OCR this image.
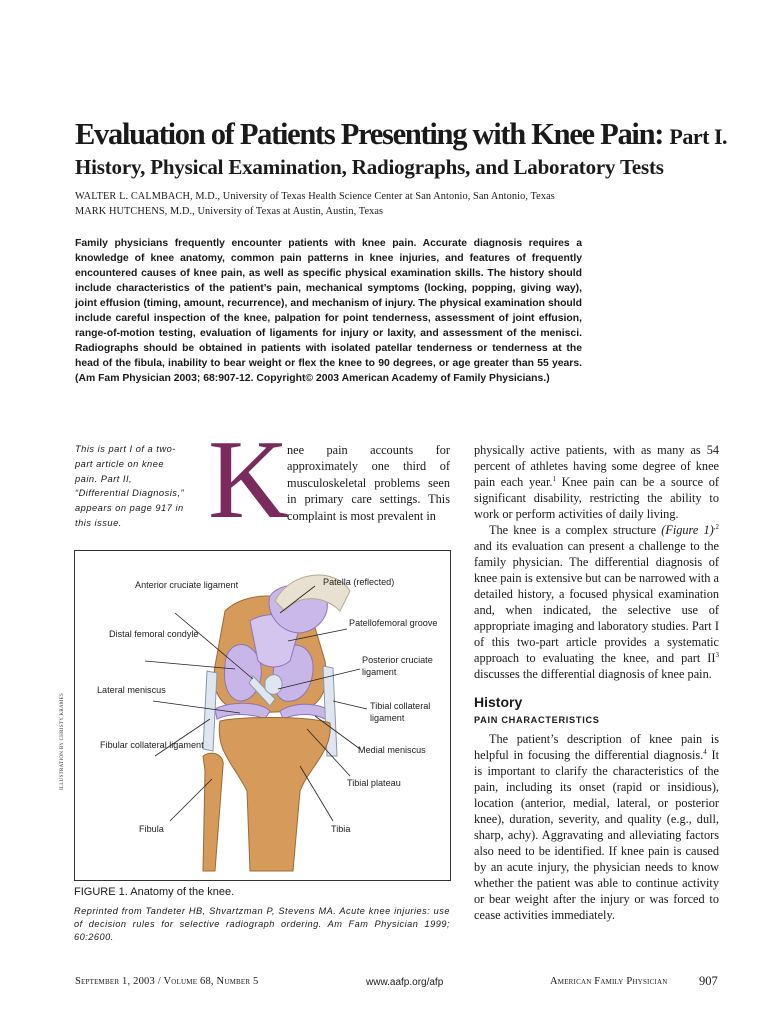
Evaluation of Patients Presenting with Knee Pain: Part I.
History, Physical Examination, Radiographs, and Laboratory Tests
WALTER L. CALMBACH, M.D., University of Texas Health Science Center at San Antonio, San Antonio, Texas
MARK HUTCHENS, M.D., University of Texas at Austin, Austin, Texas

Family physicians frequently encounter patients with knee pain. Accurate diagnosis requires a knowledge of knee anatomy, common pain patterns in knee injuries, and features of frequently encountered causes of knee pain, as well as specific physical examination skills. The history should include characteristics of the patient’s pain, mechanical symptoms (locking, popping, giving way), joint effusion (timing, amount, recurrence), and mechanism of injury. The physical examination should include careful inspection of the knee, palpation for point tenderness, assessment of joint effusion, range-of-motion testing, evaluation of ligaments for injury or laxity, and assessment of the menisci. Radiographs should be obtained in patients with isolated patellar tenderness or tenderness at the head of the fibula, inability to bear weight or flex the knee to 90 degrees, or age greater than 55 years. (Am Fam Physician 2003; 68:907-12. Copyright© 2003 American Academy of Family Physicians.)

This is part I of a two-part article on knee pain. Part II, “Differential Diagnosis,” appears on page 917 in this issue. K

nee pain accounts for approximately one third of musculoskeletal problems seen in primary care settings. This complaint is most prevalent in

Anterior cruciate ligament	Patella (reflected)
Distal femoral condyle
Patellofemoral groove
Posterior cruciate ligament
Lateral meniscus
Tibial collateral ligament
Fibular collateral ligament	Medial meniscus
Tibial plateau
Fibula	Tibia
ILLUSTRATION BY CHRISTY KRAMES

FIGURE 1. Anatomy of the knee.

Reprinted from Tandeter HB, Shvartzman P, Stevens MA. Acute knee injuries: use of decision rules for selective radiograph ordering. Am Fam Physician 1999; 60:2600.

physically active patients, with as many as 54 percent of athletes having some degree of knee pain each year.$^1$ Knee pain can be a source of significant disability, restricting the ability to work or perform activities of daily living.

The knee is a complex structure (Figure 1)$^{,2}$ and its evaluation can present a challenge to the family physician. The differential diagnosis of knee pain is extensive but can be narrowed with a detailed history, a focused physical examination and, when indicated, the selective use of appropriate imaging and laboratory studies. Part I of this two-part article provides a systematic approach to evaluating the knee, and part $II^3$ discusses the differential diagnosis of knee pain.

History
PAIN CHARACTERISTICS

The patient’s description of knee pain is helpful in focusing the differential diagnosis.$^4$ It is important to clarify the characteristics of the pain, including its onset (rapid or insidious), location (anterior, medial, lateral, or posterior knee), duration, severity, and quality (e.g., dull, sharp, achy). Aggravating and alleviating factors also need to be identified. If knee pain is caused by an acute injury, the physician needs to know whether the patient was able to continue activity or bear weight after the injury or was forced to cease activities immediately.

September 1, 2003 / Volume 68, Number 5	www.aafp.org/afp	American Family Physician	907
